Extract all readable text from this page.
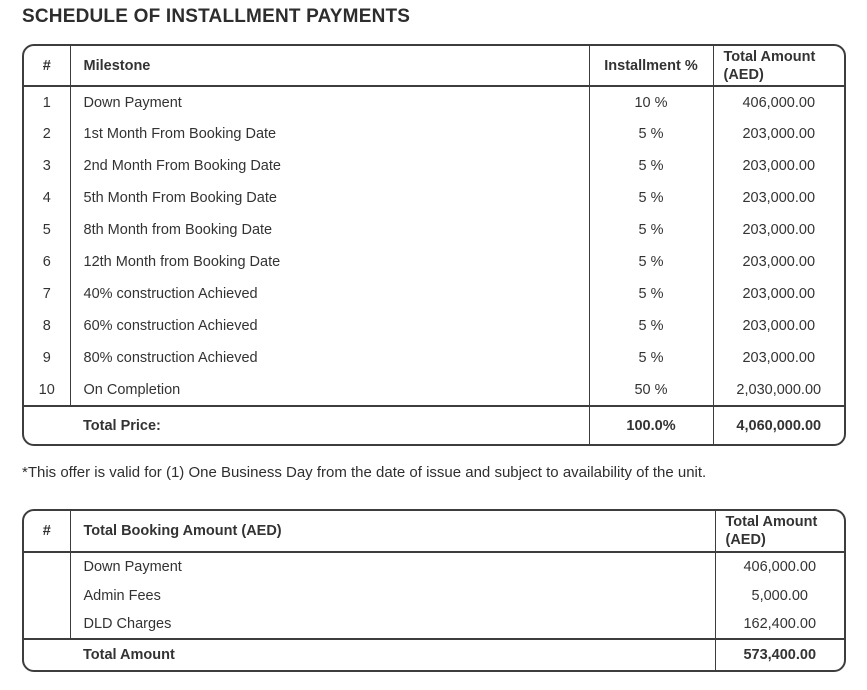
SCHEDULE OF INSTALLMENT PAYMENTS
#	Milestone	Installment %	Total Amount (AED)
1	Down Payment	10 %	406,000.00
2	1st Month From Booking Date	5 %	203,000.00
3	2nd Month From Booking Date	5 %	203,000.00
4	5th Month From Booking Date	5 %	203,000.00
5	8th Month from Booking Date	5 %	203,000.00
6	12th Month from Booking Date	5 %	203,000.00
7	40% construction Achieved	5 %	203,000.00
8	60% construction Achieved	5 %	203,000.00
9	80% construction Achieved	5 %	203,000.00
10	On Completion	50 %	2,030,000.00
Total Price:		100.0%	4,060,000.00

*This offer is valid for (1) One Business Day from the date of issue and subject to availability of the unit.

#	Total Booking Amount (AED)	Total Amount (AED)
	Down Payment	406,000.00
	Admin Fees	5,000.00
	DLD Charges	162,400.00
Total Amount		573,400.00
